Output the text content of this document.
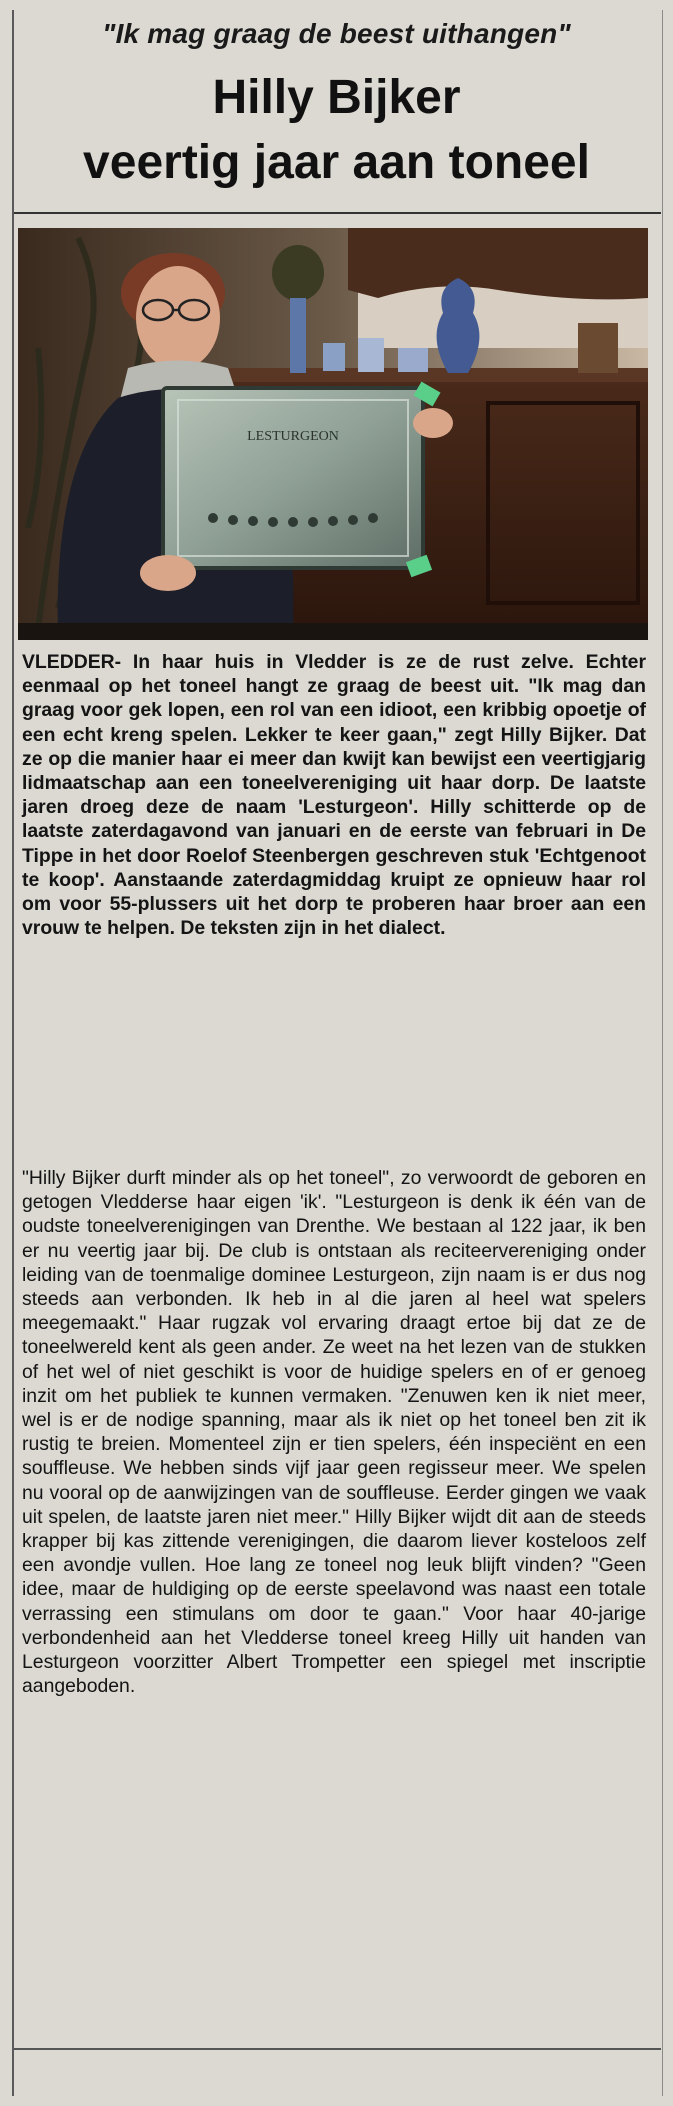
"Ik mag graag de beest uithangen"
Hilly Bijker
veertig jaar aan toneel
LESTURGEON

VLEDDER- In haar huis in Vledder is ze de rust zelve. Echter eenmaal op het toneel hangt ze graag de beest uit. "Ik mag dan graag voor gek lopen, een rol van een idioot, een kribbig opoetje of een echt kreng spelen. Lekker te keer gaan," zegt Hilly Bijker. Dat ze op die manier haar ei meer dan kwijt kan bewijst een veertigjarig lidmaatschap aan een toneelvereniging uit haar dorp. De laatste jaren droeg deze de naam 'Lesturgeon'. Hilly schitterde op de laatste zaterdagavond van januari en de eerste van februari in De Tippe in het door Roelof Steenbergen geschreven stuk 'Echtgenoot te koop'. Aanstaande zaterdagmiddag kruipt ze opnieuw haar rol om voor 55-plussers uit het dorp te proberen haar broer aan een vrouw te helpen. De teksten zijn in het dialect.

"Hilly Bijker durft minder als op het toneel", zo verwoordt de geboren en getogen Vledderse haar eigen 'ik'. "Lesturgeon is denk ik één van de oudste toneelverenigingen van Drenthe. We bestaan al 122 jaar, ik ben er nu veertig jaar bij. De club is ontstaan als reciteervereniging onder leiding van de toenmalige dominee Lesturgeon, zijn naam is er dus nog steeds aan verbonden. Ik heb in al die jaren al heel wat spelers meegemaakt." Haar rugzak vol ervaring draagt ertoe bij dat ze de toneelwereld kent als geen ander. Ze weet na het lezen van de stukken of het wel of niet geschikt is voor de huidige spelers en of er genoeg inzit om het publiek te kunnen vermaken. "Zenuwen ken ik niet meer, wel is er de nodige spanning, maar als ik niet op het toneel ben zit ik rustig te breien. Momenteel zijn er tien spelers, één inspeciënt en een souffleuse. We hebben sinds vijf jaar geen regisseur meer. We spelen nu vooral op de aanwijzingen van de souffleuse. Eerder gingen we vaak uit spelen, de laatste jaren niet meer." Hilly Bijker wijdt dit aan de steeds krapper bij kas zittende verenigingen, die daarom liever kosteloos zelf een avondje vullen. Hoe lang ze toneel nog leuk blijft vinden? "Geen idee, maar de huldiging op de eerste speelavond was naast een totale verrassing een stimulans om door te gaan." Voor haar 40-jarige verbondenheid aan het Vledderse toneel kreeg Hilly uit handen van Lesturgeon voorzitter Albert Trompetter een spiegel met inscriptie aangeboden.
